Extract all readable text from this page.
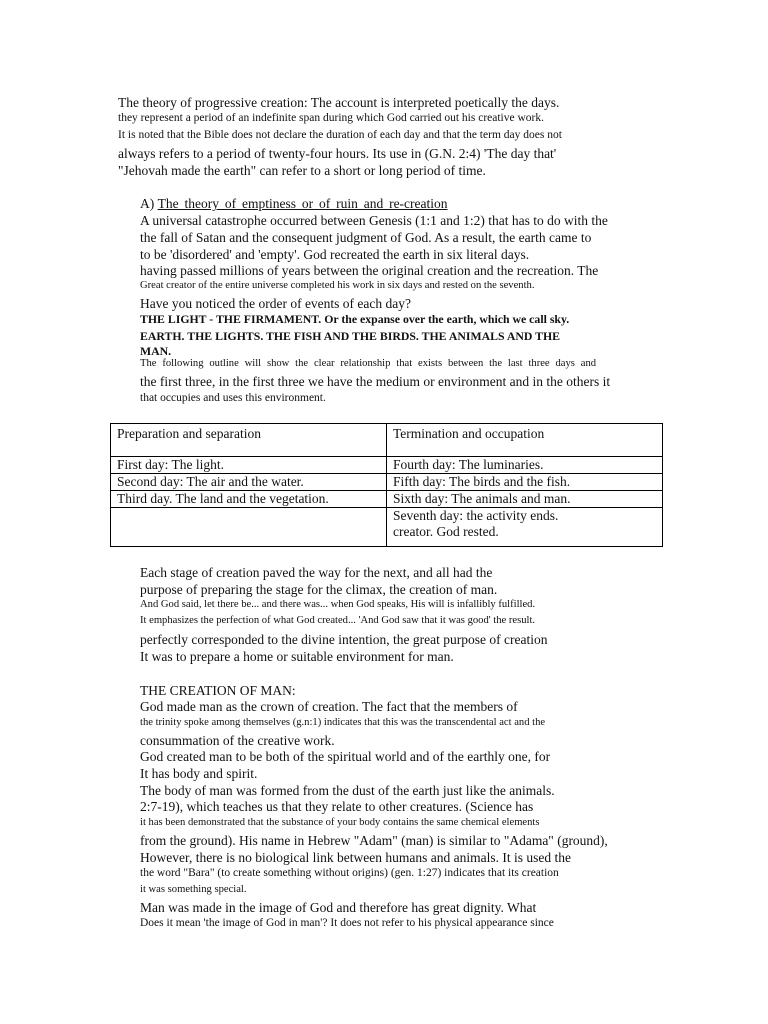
The theory of progressive creation: The account is interpreted poetically the days.
they represent a period of an indefinite span during which God carried out his creative work.
It is noted that the Bible does not declare the duration of each day and that the term day does not
always refers to a period of twenty-four hours. Its use in (G.N. 2:4) 'The day that'
"Jehovah made the earth" can refer to a short or long period of time.
A) The theory of emptiness or of ruin and re-creation
A universal catastrophe occurred between Genesis (1:1 and 1:2) that has to do with the
the fall of Satan and the consequent judgment of God. As a result, the earth came to
to be 'disordered' and 'empty'. God recreated the earth in six literal days.
having passed millions of years between the original creation and the recreation. The
Great creator of the entire universe completed his work in six days and rested on the seventh.
Have you noticed the order of events of each day?
THE LIGHT - THE FIRMAMENT. Or the expanse over the earth, which we call sky.
EARTH. THE LIGHTS. THE FISH AND THE BIRDS. THE ANIMALS AND THE
MAN.
The following outline will show the clear relationship that exists between the last three days and
the first three, in the first three we have the medium or environment and in the others it
that occupies and uses this environment.
Preparation and separation	Termination and occupation
First day: The light.	Fourth day: The luminaries.
Second day: The air and the water.	Fifth day: The birds and the fish.
Third day. The land and the vegetation.	Sixth day: The animals and man.

	Seventh day: the activity ends.
creator. God rested.
Each stage of creation paved the way for the next, and all had the
purpose of preparing the stage for the climax, the creation of man.
And God said, let there be... and there was... when God speaks, His will is infallibly fulfilled.
It emphasizes the perfection of what God created... 'And God saw that it was good' the result.
perfectly corresponded to the divine intention, the great purpose of creation
It was to prepare a home or suitable environment for man.
THE CREATION OF MAN:
God made man as the crown of creation. The fact that the members of
the trinity spoke among themselves (g.n:1) indicates that this was the transcendental act and the
consummation of the creative work.
God created man to be both of the spiritual world and of the earthly one, for
It has body and spirit.
The body of man was formed from the dust of the earth just like the animals.
2:7-19), which teaches us that they relate to other creatures. (Science has
it has been demonstrated that the substance of your body contains the same chemical elements
from the ground). His name in Hebrew "Adam" (man) is similar to "Adama" (ground),
However, there is no biological link between humans and animals. It is used the
the word "Bara" (to create something without origins) (gen. 1:27) indicates that its creation
it was something special.
Man was made in the image of God and therefore has great dignity. What
Does it mean 'the image of God in man'? It does not refer to his physical appearance since
